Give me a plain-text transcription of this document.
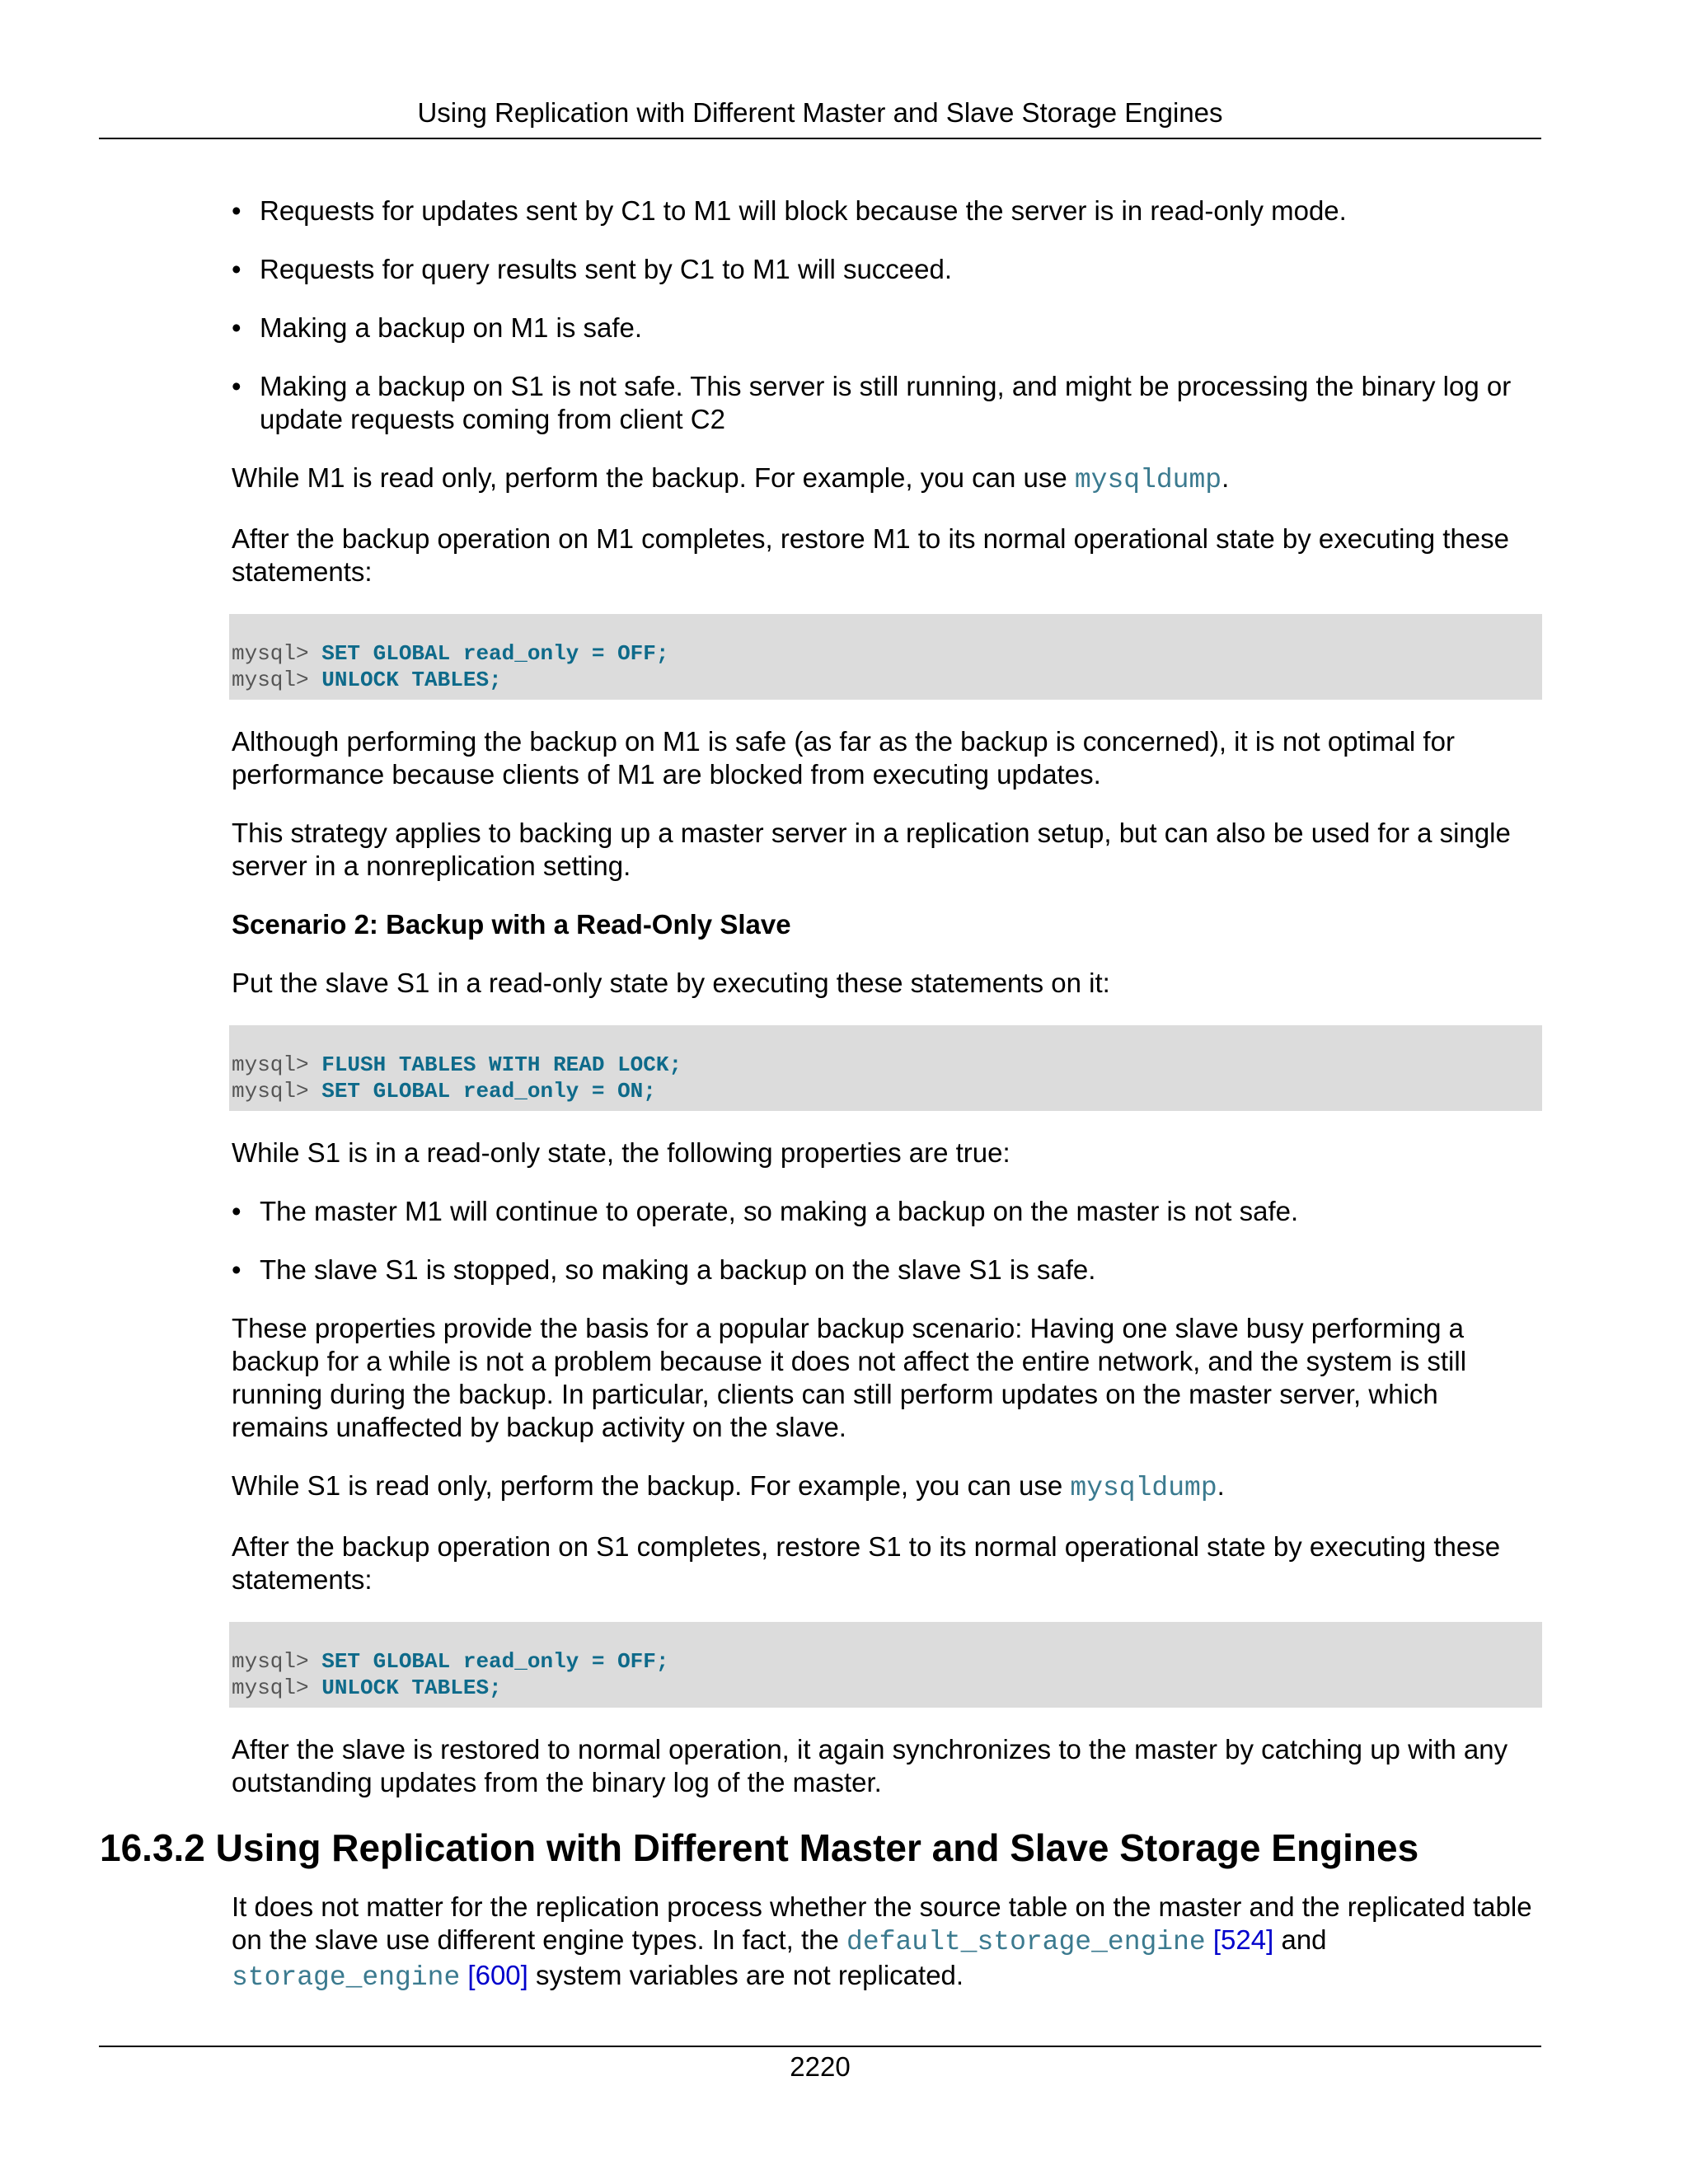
Using Replication with Different Master and Slave Storage Engines
• Requests for updates sent by C1 to M1 will block because the server is in read-only mode.
• Requests for query results sent by C1 to M1 will succeed.
• Making a backup on M1 is safe.
• Making a backup on S1 is not safe. This server is still running, and might be processing the binary log or update requests coming from client C2

While M1 is read only, perform the backup. For example, you can use mysqldump.

After the backup operation on M1 completes, restore M1 to its normal operational state by executing these statements:

mysql> SET GLOBAL read_only = OFF;
mysql> UNLOCK TABLES;

Although performing the backup on M1 is safe (as far as the backup is concerned), it is not optimal for performance because clients of M1 are blocked from executing updates.

This strategy applies to backing up a master server in a replication setup, but can also be used for a single server in a nonreplication setting.

Scenario 2: Backup with a Read-Only Slave

Put the slave S1 in a read-only state by executing these statements on it:

mysql> FLUSH TABLES WITH READ LOCK;
mysql> SET GLOBAL read_only = ON;

While S1 is in a read-only state, the following properties are true:

• The master M1 will continue to operate, so making a backup on the master is not safe.
• The slave S1 is stopped, so making a backup on the slave S1 is safe.

These properties provide the basis for a popular backup scenario: Having one slave busy performing a backup for a while is not a problem because it does not affect the entire network, and the system is still running during the backup. In particular, clients can still perform updates on the master server, which remains unaffected by backup activity on the slave.

While S1 is read only, perform the backup. For example, you can use mysqldump.

After the backup operation on S1 completes, restore S1 to its normal operational state by executing these statements:

mysql> SET GLOBAL read_only = OFF;
mysql> UNLOCK TABLES;

After the slave is restored to normal operation, it again synchronizes to the master by catching up with any outstanding updates from the binary log of the master.

16.3.2 Using Replication with Different Master and Slave Storage Engines

It does not matter for the replication process whether the source table on the master and the replicated table on the slave use different engine types. In fact, the default_storage_engine [524] and storage_engine [600] system variables are not replicated.

2220
